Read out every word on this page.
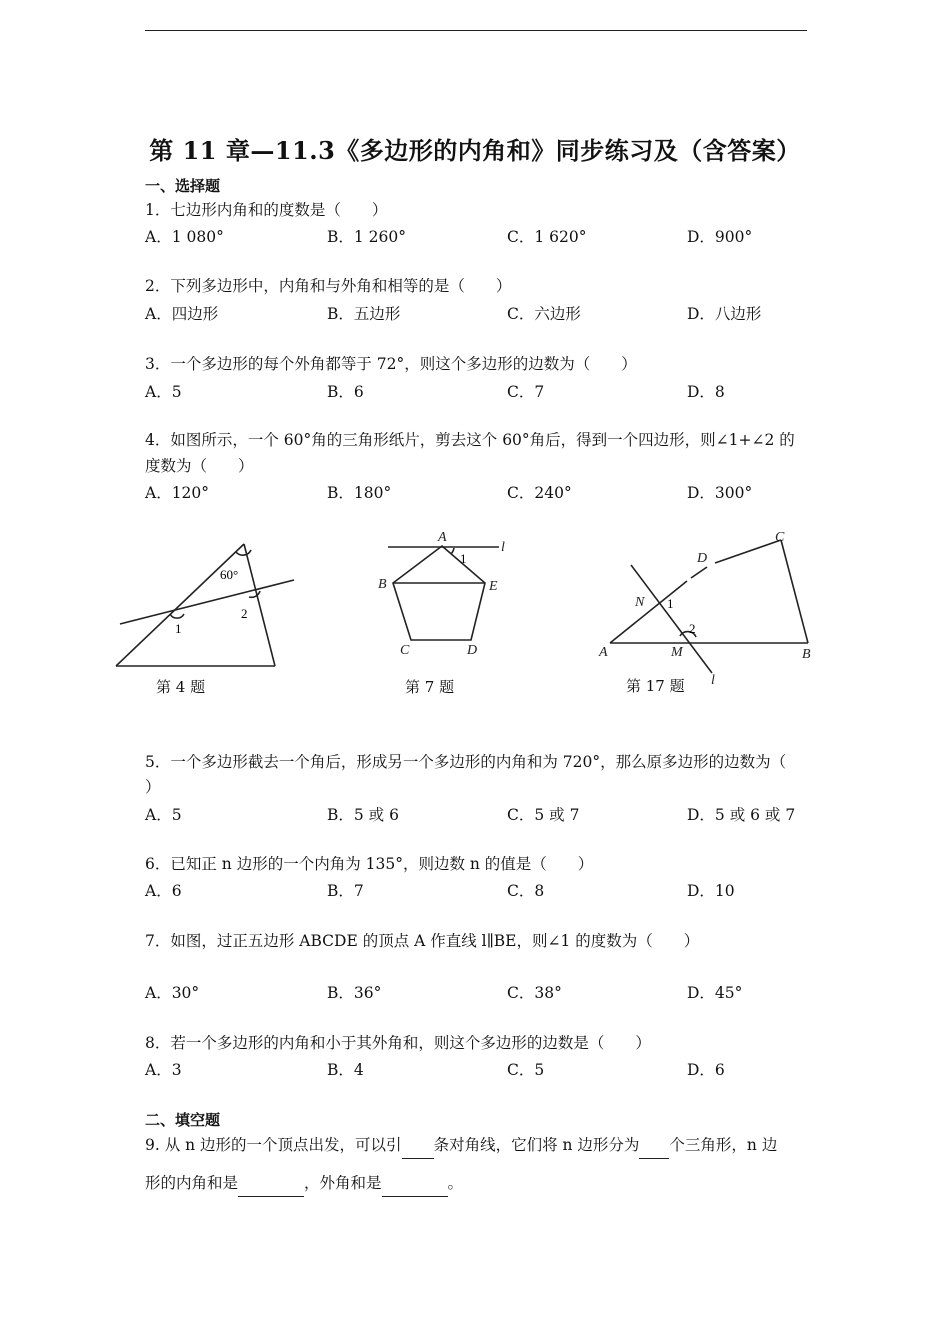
第 11 章—11.3《多边形的内角和》同步练习及（含答案）
一、选择题
1．七边形内角和的度数是（　　）
A．1 080°	B．1 260°	C．1 620°	D．900°
2．下列多边形中，内角和与外角和相等的是（　　）
A．四边形	B．五边形	C．六边形	D．八边形
3．一个多边形的每个外角都等于 72°，则这个多边形的边数为（　　）
A．5	B．6	C．7	D．8
4．如图所示，一个 60°角的三角形纸片，剪去这个 60°角后，得到一个四边形，则∠1+∠2 的
度数为（　　）
A．120°	B．180°	C．240°	D．300°
60°
1
2
第 4 题
A
B
C	D
E
l
1
第 7 题
A	B
C
D
M
N
l
1
2
第 17 题
5．一个多边形截去一个角后，形成另一个多边形的内角和为 720°，那么原多边形的边数为（
）
A．5	B．5 或 6	C．5 或 7	D．5 或 6 或 7
6．已知正 n 边形的一个内角为 135°，则边数 n 的值是（　　）
A．6	B．7	C．8	D．10
7．如图，过正五边形 ABCDE 的顶点 A 作直线 l∥BE，则∠1 的度数为（　　）
A．30°	B．36°	C．38°	D．45°
8．若一个多边形的内角和小于其外角和，则这个多边形的边数是（　　）
A．3	B．4	C．5	D．6
二、填空题
9. 从 n 边形的一个顶点出发，可以引 条对角线，它们将 n 边形分为 个三角形，n 边
形的内角和是	，外角和是	。
